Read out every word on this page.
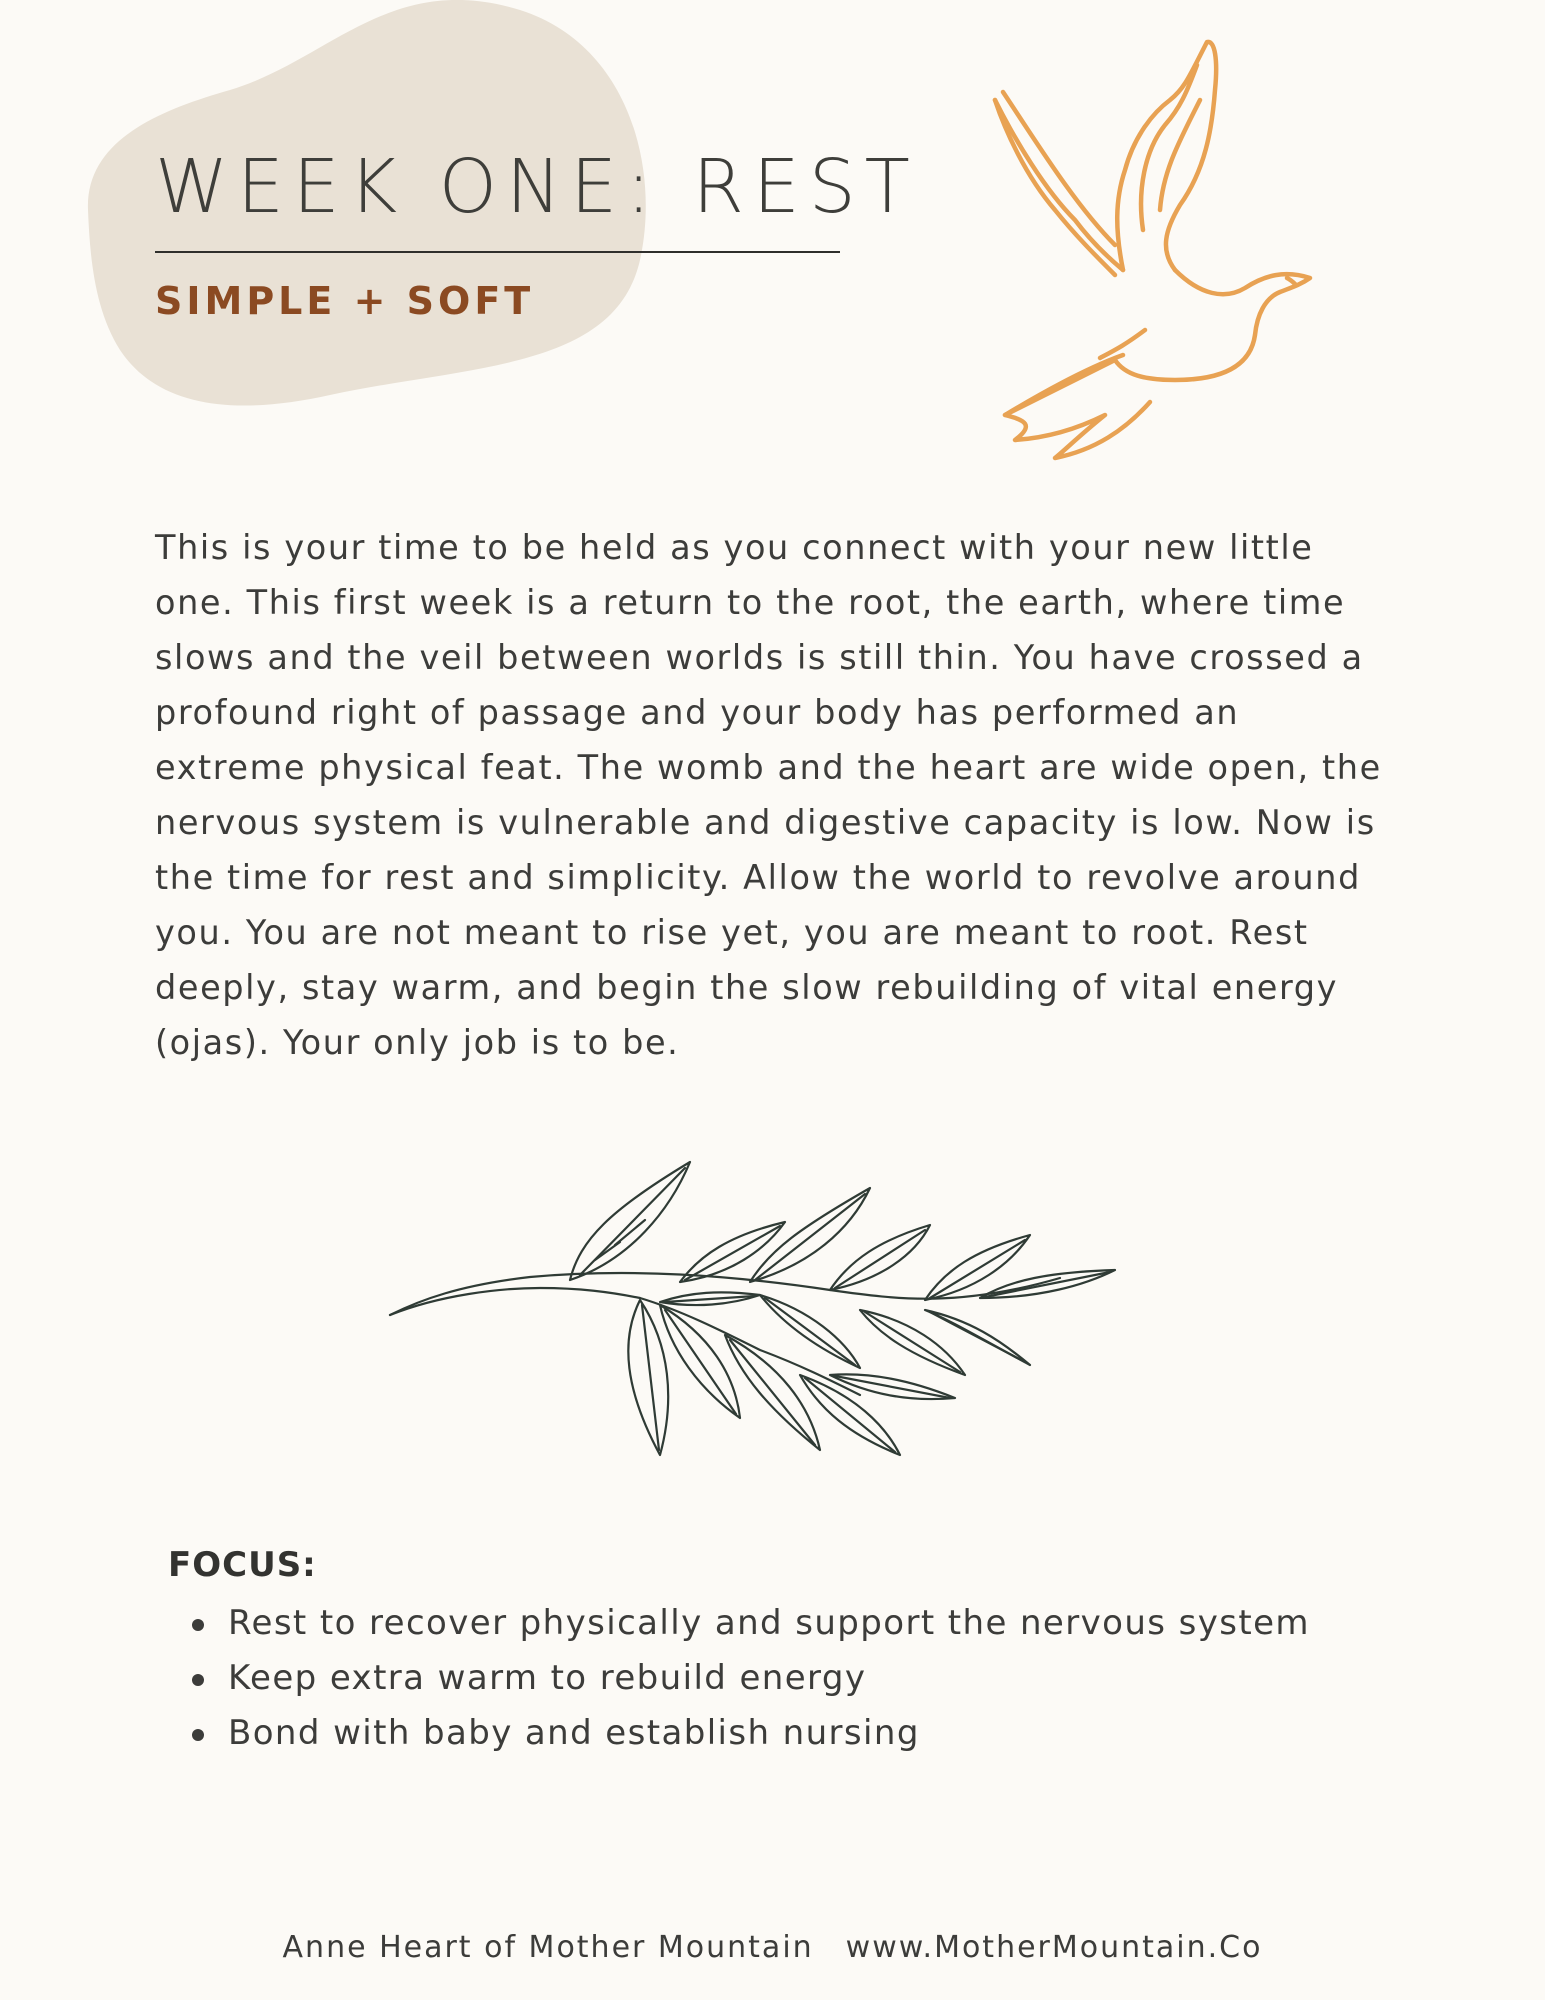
WEEK ONE: REST
SIMPLE + SOFT

This is your time to be held as you connect with your new little one. This first week is a return to the root, the earth, where time slows and the veil between worlds is still thin. You have crossed a profound right of passage and your body has performed an extreme physical feat. The womb and the heart are wide open, the nervous system is vulnerable and digestive capacity is low. Now is the time for rest and simplicity. Allow the world to revolve around you. You are not meant to rise yet, you are meant to root. Rest deeply, stay warm, and begin the slow rebuilding of vital energy (ojas). Your only job is to be.

FOCUS:
Rest to recover physically and support the nervous system
Keep extra warm to rebuild energy
Bond with baby and establish nursing
Anne Heart of Mother Mountain www.MotherMountain.Co
